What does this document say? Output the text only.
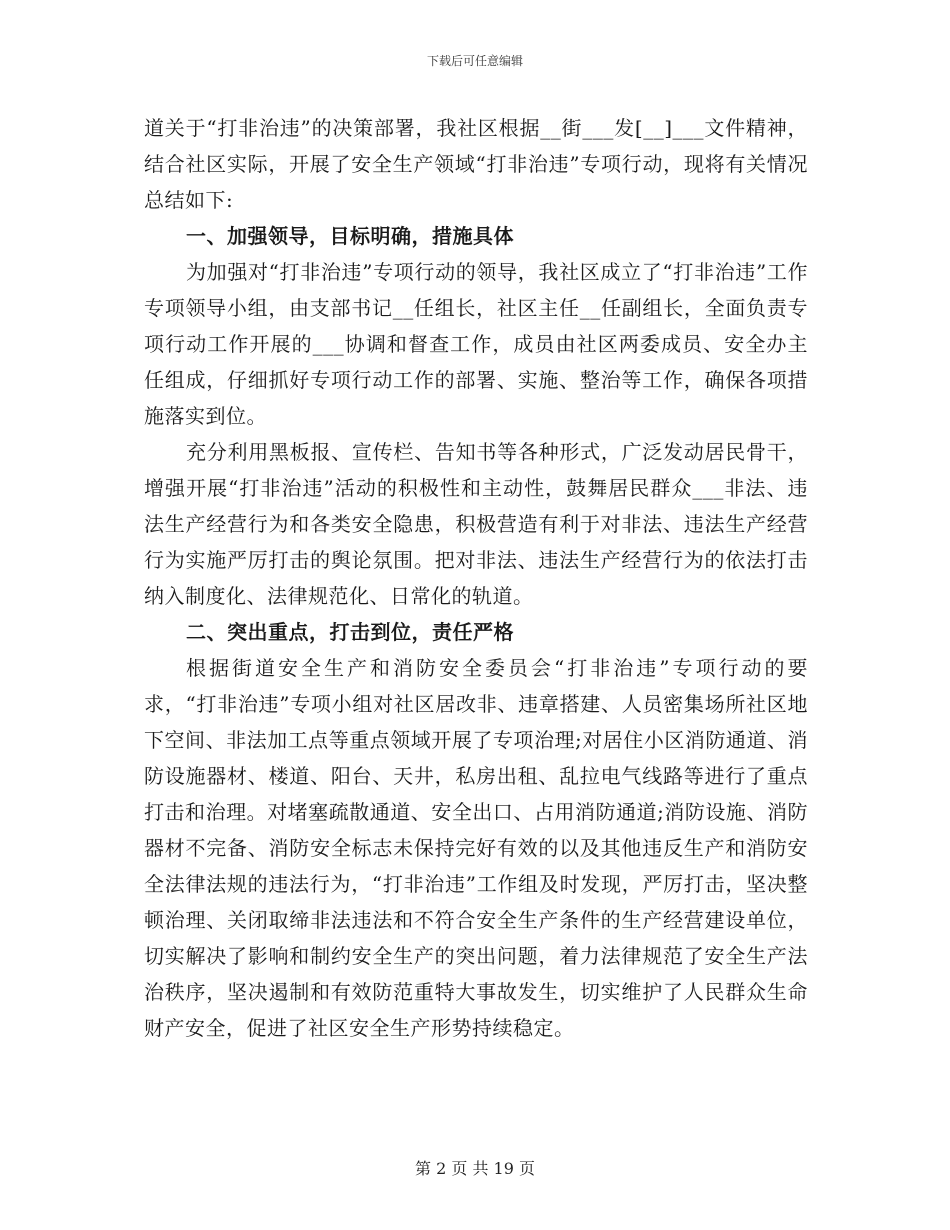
下载后可任意编辑

道关于“打非治违”的决策部署，我社区根据__街___发[__]___文件精神，结合社区实际，开展了安全生产领域“打非治违”专项行动，现将有关情况总结如下:

一、加强领导，目标明确，措施具体

为加强对“打非治违”专项行动的领导，我社区成立了“打非治违”工作专项领导小组，由支部书记__任组长，社区主任__任副组长，全面负责专项行动工作开展的___协调和督查工作，成员由社区两委成员、安全办主任组成，仔细抓好专项行动工作的部署、实施、整治等工作，确保各项措施落实到位。

充分利用黑板报、宣传栏、告知书等各种形式，广泛发动居民骨干，增强开展“打非治违”活动的积极性和主动性，鼓舞居民群众___非法、违法生产经营行为和各类安全隐患，积极营造有利于对非法、违法生产经营行为实施严厉打击的舆论氛围。把对非法、违法生产经营行为的依法打击纳入制度化、法律规范化、日常化的轨道。

二、突出重点，打击到位，责任严格

根据街道安全生产和消防安全委员会“打非治违”专项行动的要求，“打非治违”专项小组对社区居改非、违章搭建、人员密集场所社区地下空间、非法加工点等重点领域开展了专项治理;对居住小区消防通道、消防设施器材、楼道、阳台、天井，私房出租、乱拉电气线路等进行了重点打击和治理。对堵塞疏散通道、安全出口、占用消防通道;消防设施、消防器材不完备、消防安全标志未保持完好有效的以及其他违反生产和消防安全法律法规的违法行为，“打非治违”工作组及时发现，严厉打击，坚决整顿治理、关闭取缔非法违法和不符合安全生产条件的生产经营建设单位，切实解决了影响和制约安全生产的突出问题，着力法律规范了安全生产法治秩序，坚决遏制和有效防范重特大事故发生，切实维护了人民群众生命财产安全，促进了社区安全生产形势持续稳定。

第 2 页 共 19 页
